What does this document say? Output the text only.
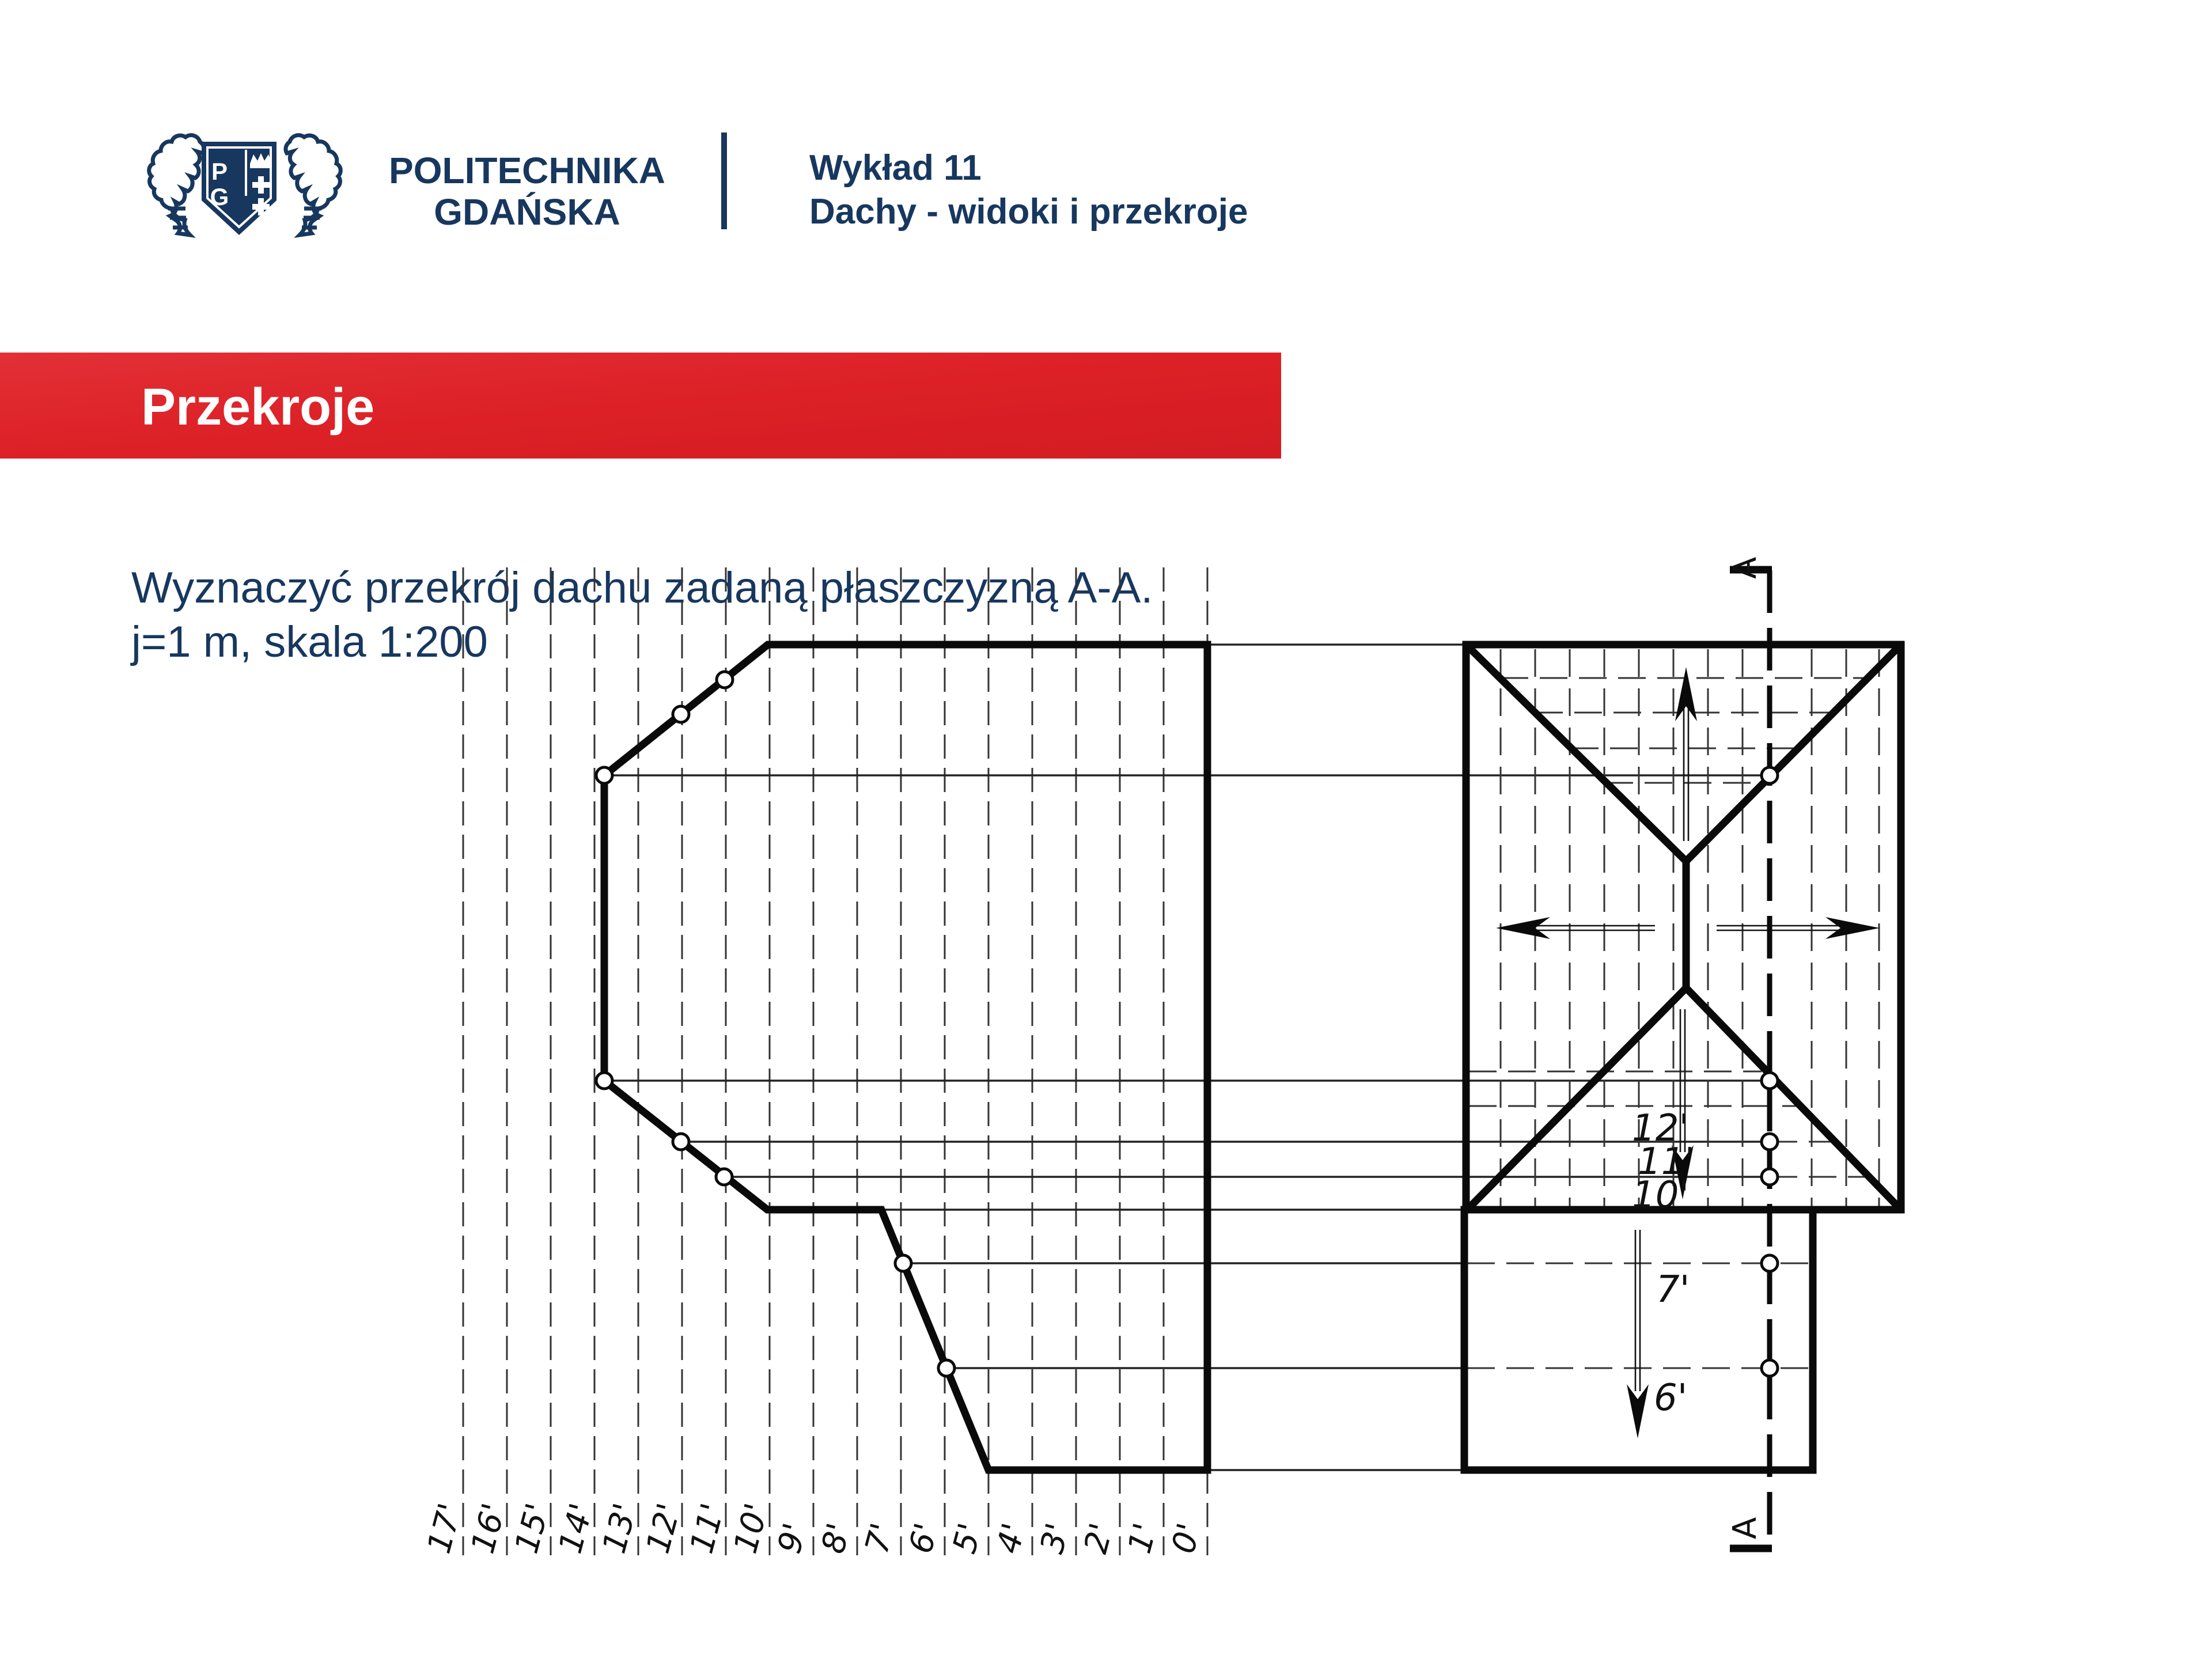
P
G
POLITECHNIKA
GDAŃSKA
Wykład 11
Dachy - widoki i przekroje
Przekroje
Wyznaczyć przekrój dachu zadaną płaszczyzną A-A.
j=1 m, skala 1:200
17'
16'
15'
14'
13'
12'
11'
10'
9' 8' 7' 6' 5' 4' 3' 2' 1' 0'
12'
11'
10'
7'
6'
A
A
